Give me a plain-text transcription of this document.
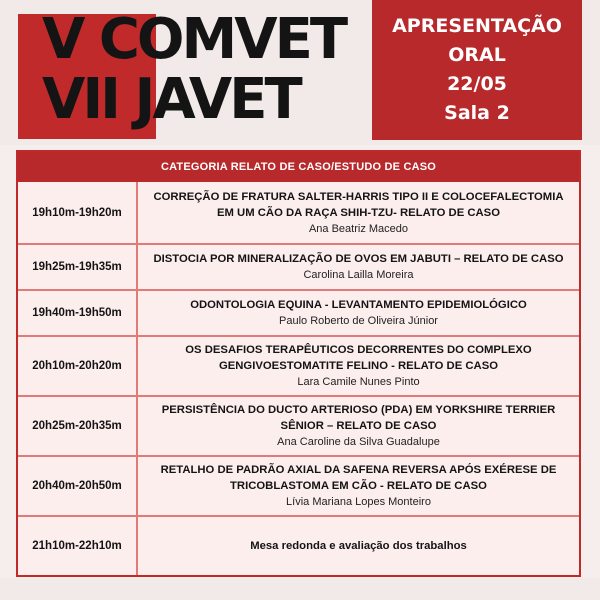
V COMVET
VII JAVET
APRESENTAÇÃO
ORAL
22/05
Sala 2
CATEGORIA RELATO DE CASO/ESTUDO DE CASO
19h10m-19h20m
CORREÇÃO DE FRATURA SALTER-HARRIS TIPO II E COLOCEFALECTOMIA
EM UM CÃO DA RAÇA SHIH-TZU- RELATO DE CASO
Ana Beatriz Macedo
19h25m-19h35m
DISTOCIA POR MINERALIZAÇÃO DE OVOS EM JABUTI – RELATO DE CASO
Carolina Lailla Moreira
19h40m-19h50m
ODONTOLOGIA EQUINA - LEVANTAMENTO EPIDEMIOLÓGICO
Paulo Roberto de Oliveira Júnior
20h10m-20h20m
OS DESAFIOS TERAPÊUTICOS DECORRENTES DO COMPLEXO
GENGIVOESTOMATITE FELINO - RELATO DE CASO
Lara Camile Nunes Pinto
20h25m-20h35m
PERSISTÊNCIA DO DUCTO ARTERIOSO (PDA) EM YORKSHIRE TERRIER
SÊNIOR – RELATO DE CASO
Ana Caroline da Silva Guadalupe
20h40m-20h50m
RETALHO DE PADRÃO AXIAL DA SAFENA REVERSA APÓS EXÉRESE DE
TRICOBLASTOMA EM CÃO - RELATO DE CASO
Lívia Mariana Lopes Monteiro
21h10m-22h10m	Mesa redonda e avaliação dos trabalhos
